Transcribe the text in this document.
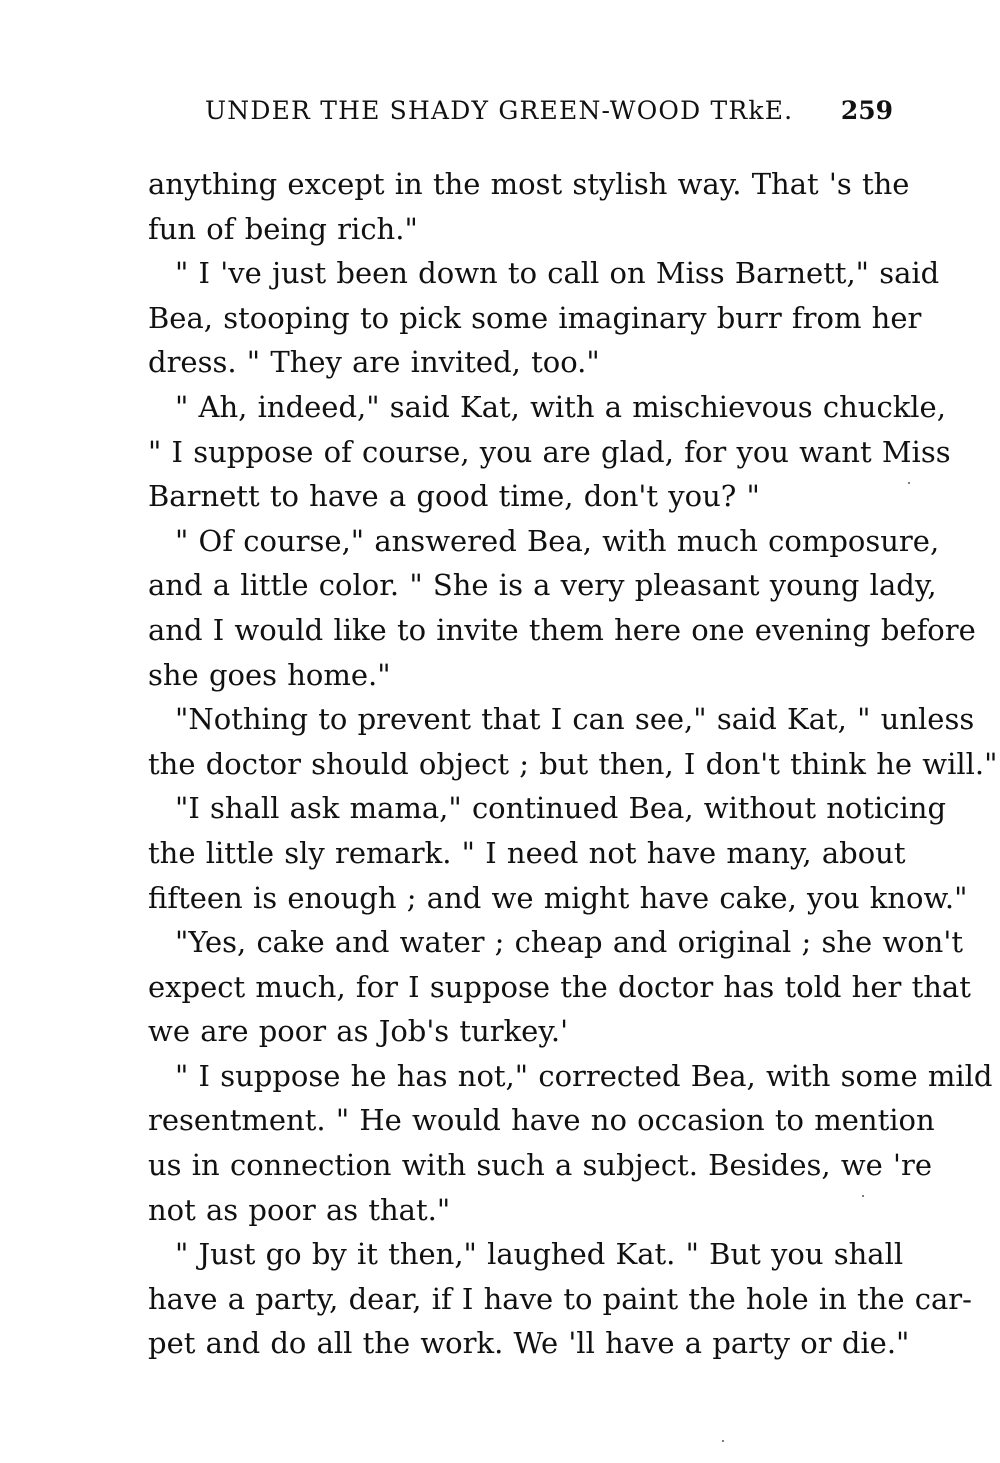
UNDER THE SHADY GREEN-WOOD TRkE. 259
anything except in the most stylish way. That 's the
fun of being rich."
" I 've just been down to call on Miss Barnett," said
Bea, stooping to pick some imaginary burr from her
dress. " They are invited, too."
" Ah, indeed," said Kat, with a mischievous chuckle,
" I suppose of course, you are glad, for you want Miss
Barnett to have a good time, don't you? "
" Of course," answered Bea, with much composure,
and a little color. " She is a very pleasant young lady,
and I would like to invite them here one evening before
she goes home."
"Nothing to prevent that I can see," said Kat, " unless
the doctor should object ; but then, I don't think he will."
"I shall ask mama," continued Bea, without noticing
the little sly remark. " I need not have many, about
fifteen is enough ; and we might have cake, you know."
"Yes, cake and water ; cheap and original ; she won't
expect much, for I suppose the doctor has told her that
we are poor as Job's turkey.'
" I suppose he has not," corrected Bea, with some mild
resentment. " He would have no occasion to mention
us in connection with such a subject. Besides, we 're
not as poor as that."
" Just go by it then," laughed Kat. " But you shall
have a party, dear, if I have to paint the hole in the car-
pet and do all the work. We 'll have a party or die."
